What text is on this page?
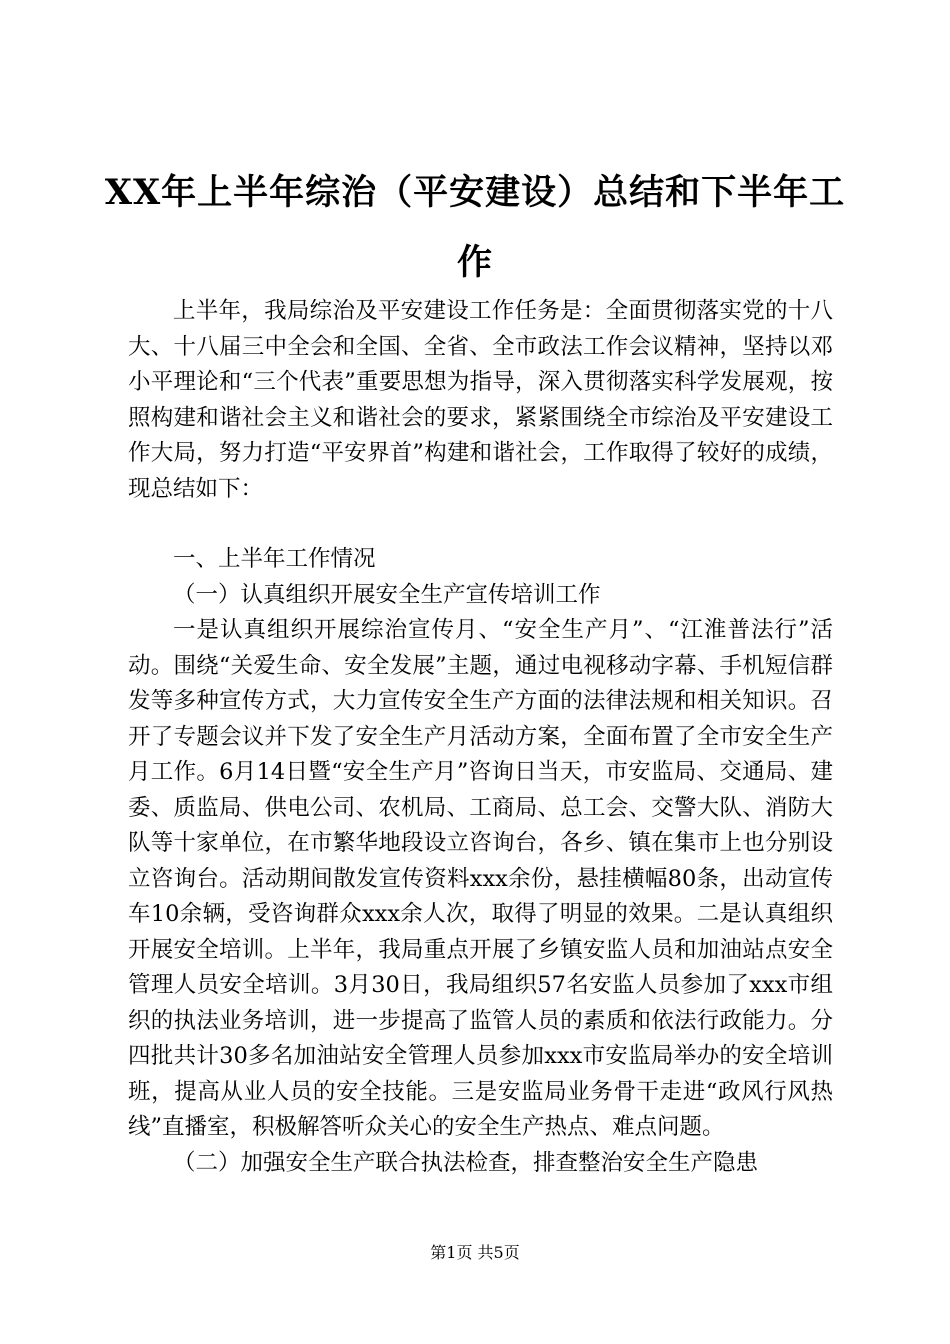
XX年上半年综治（平安建设）总结和下半年工作

上半年，我局综治及平安建设工作任务是：全面贯彻落实党的十八大、十八届三中全会和全国、全省、全市政法工作会议精神，坚持以邓小平理论和“三个代表”重要思想为指导，深入贯彻落实科学发展观，按照构建和谐社会主义和谐社会的要求，紧紧围绕全市综治及平安建设工作大局，努力打造“平安界首”构建和谐社会，工作取得了较好的成绩，现总结如下：

一、上半年工作情况

（一）认真组织开展安全生产宣传培训工作

一是认真组织开展综治宣传月、“安全生产月”、“江淮普法行”活动。围绕“关爱生命、安全发展”主题，通过电视移动字幕、手机短信群发等多种宣传方式，大力宣传安全生产方面的法律法规和相关知识。召开了专题会议并下发了安全生产月活动方案，全面布置了全市安全生产月工作。6月14日暨“安全生产月”咨询日当天，市安监局、交通局、建委、质监局、供电公司、农机局、工商局、总工会、交警大队、消防大队等十家单位，在市繁华地段设立咨询台，各乡、镇在集市上也分别设立咨询台。活动期间散发宣传资料xxx余份，悬挂横幅80条，出动宣传车10余辆，受咨询群众xxx余人次，取得了明显的效果。二是认真组织开展安全培训。上半年，我局重点开展了乡镇安监人员和加油站点安全管理人员安全培训。3月30日，我局组织57名安监人员参加了xxx市组织的执法业务培训，进一步提高了监管人员的素质和依法行政能力。分四批共计30多名加油站安全管理人员参加xxx市安监局举办的安全培训班，提高从业人员的安全技能。三是安监局业务骨干走进“政风行风热线”直播室，积极解答听众关心的安全生产热点、难点问题。

（二）加强安全生产联合执法检查，排查整治安全生产隐患

第1页 共5页
